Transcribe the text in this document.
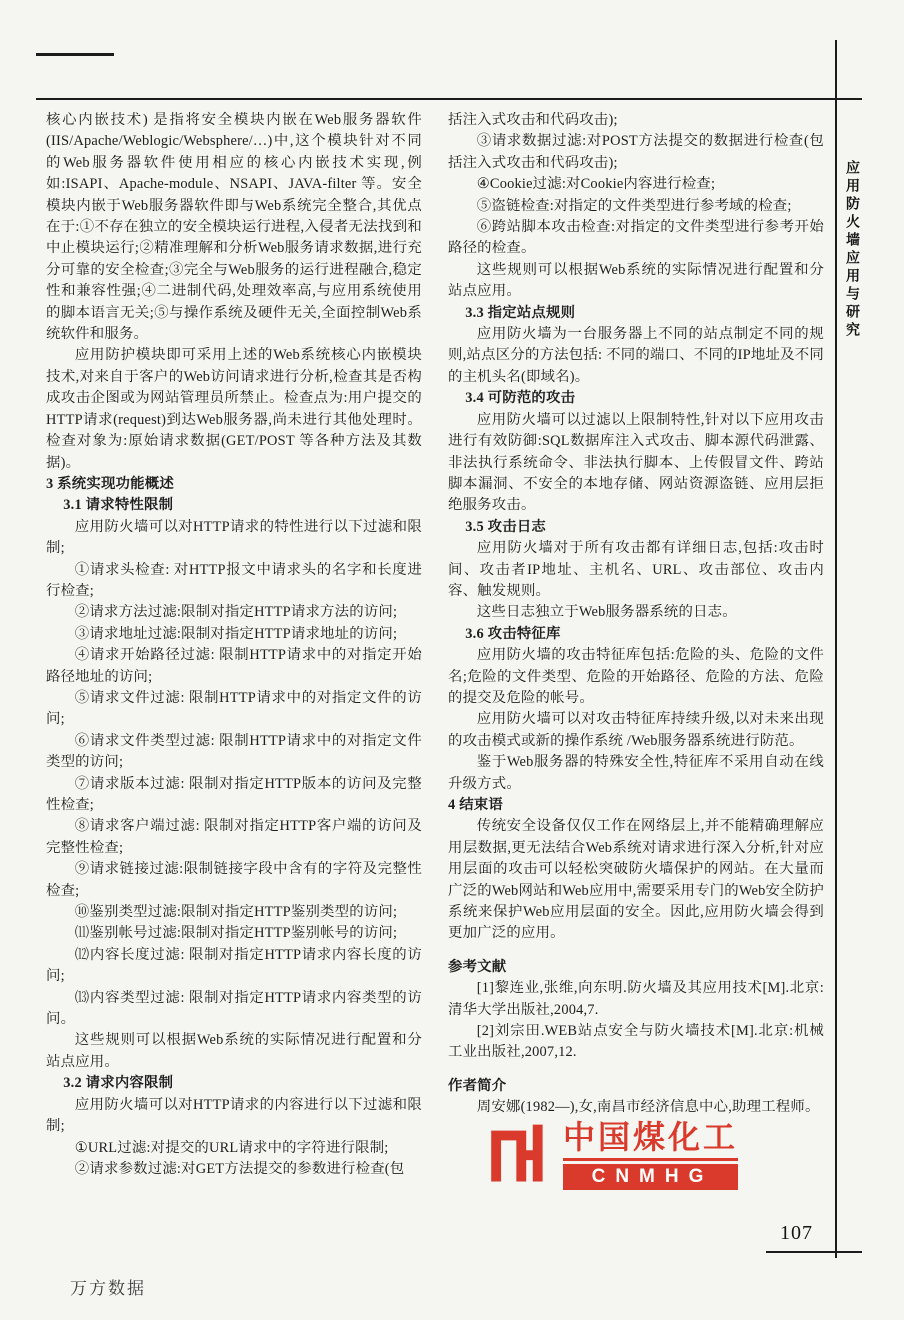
应用防火墙应用与研究

核心内嵌技术) 是指将安全模块内嵌在Web服务器软件(IIS/Apache/Weblogic/Websphere/…)中,这个模块针对不同的Web服务器软件使用相应的核心内嵌技术实现,例如:ISAPI、Apache-module、NSAPI、JAVA-filter 等。安全模块内嵌于Web服务器软件即与Web系统完全整合,其优点在于:①不存在独立的安全模块运行进程,入侵者无法找到和中止模块运行;②精准理解和分析Web服务请求数据,进行充分可靠的安全检查;③完全与Web服务的运行进程融合,稳定性和兼容性强;④二进制代码,处理效率高,与应用系统使用的脚本语言无关;⑤与操作系统及硬件无关,全面控制Web系统软件和服务。

应用防护模块即可采用上述的Web系统核心内嵌模块技术,对来自于客户的Web访问请求进行分析,检查其是否构成攻击企图或为网站管理员所禁止。检查点为:用户提交的HTTP请求(request)到达Web服务器,尚未进行其他处理时。检查对象为:原始请求数据(GET/POST 等各种方法及其数据)。

3 系统实现功能概述

3.1 请求特性限制

应用防火墙可以对HTTP请求的特性进行以下过滤和限制;

①请求头检查: 对HTTP报文中请求头的名字和长度进行检查;

②请求方法过滤:限制对指定HTTP请求方法的访问;

③请求地址过滤:限制对指定HTTP请求地址的访问;

④请求开始路径过滤: 限制HTTP请求中的对指定开始路径地址的访问;

⑤请求文件过滤: 限制HTTP请求中的对指定文件的访问;

⑥请求文件类型过滤: 限制HTTP请求中的对指定文件类型的访问;

⑦请求版本过滤: 限制对指定HTTP版本的访问及完整性检查;

⑧请求客户端过滤: 限制对指定HTTP客户端的访问及完整性检查;

⑨请求链接过滤:限制链接字段中含有的字符及完整性检查;

⑩鉴别类型过滤:限制对指定HTTP鉴别类型的访问;

⑾鉴别帐号过滤:限制对指定HTTP鉴别帐号的访问;

⑿内容长度过滤: 限制对指定HTTP请求内容长度的访问;

⒀内容类型过滤: 限制对指定HTTP请求内容类型的访问。

这些规则可以根据Web系统的实际情况进行配置和分站点应用。

3.2 请求内容限制

应用防火墙可以对HTTP请求的内容进行以下过滤和限制;

①URL过滤:对提交的URL请求中的字符进行限制;

②请求参数过滤:对GET方法提交的参数进行检查(包

括注入式攻击和代码攻击);

③请求数据过滤:对POST方法提交的数据进行检查(包括注入式攻击和代码攻击);

④Cookie过滤:对Cookie内容进行检查;

⑤盗链检查:对指定的文件类型进行参考域的检查;

⑥跨站脚本攻击检查:对指定的文件类型进行参考开始路径的检查。

这些规则可以根据Web系统的实际情况进行配置和分站点应用。

3.3 指定站点规则

应用防火墙为一台服务器上不同的站点制定不同的规则,站点区分的方法包括: 不同的端口、不同的IP地址及不同的主机头名(即域名)。

3.4 可防范的攻击

应用防火墙可以过滤以上限制特性,针对以下应用攻击进行有效防御:SQL数据库注入式攻击、脚本源代码泄露、非法执行系统命令、非法执行脚本、上传假冒文件、跨站脚本漏洞、不安全的本地存储、网站资源盗链、应用层拒绝服务攻击。

3.5 攻击日志

应用防火墙对于所有攻击都有详细日志,包括:攻击时间、攻击者IP地址、主机名、URL、攻击部位、攻击内容、触发规则。

这些日志独立于Web服务器系统的日志。

3.6 攻击特征库

应用防火墙的攻击特征库包括:危险的头、危险的文件名;危险的文件类型、危险的开始路径、危险的方法、危险的提交及危险的帐号。

应用防火墙可以对攻击特征库持续升级,以对未来出现的攻击模式或新的操作系统 /Web服务器系统进行防范。

鉴于Web服务器的特殊安全性,特征库不采用自动在线升级方式。

4 结束语

传统安全设备仅仅工作在网络层上,并不能精确理解应用层数据,更无法结合Web系统对请求进行深入分析,针对应用层面的攻击可以轻松突破防火墙保护的网站。在大量而广泛的Web网站和Web应用中,需要采用专门的Web安全防护系统来保护Web应用层面的安全。因此,应用防火墙会得到更加广泛的应用。

参考文献

[1]黎连业,张维,向东明.防火墙及其应用技术[M].北京:清华大学出版社,2004,7.

[2]刘宗田.WEB站点安全与防火墙技术[M].北京:机械工业出版社,2007,12.

作者简介

周安娜(1982—),女,南昌市经济信息中心,助理工程师。

中国煤化工
CNMHG
107
万方数据
